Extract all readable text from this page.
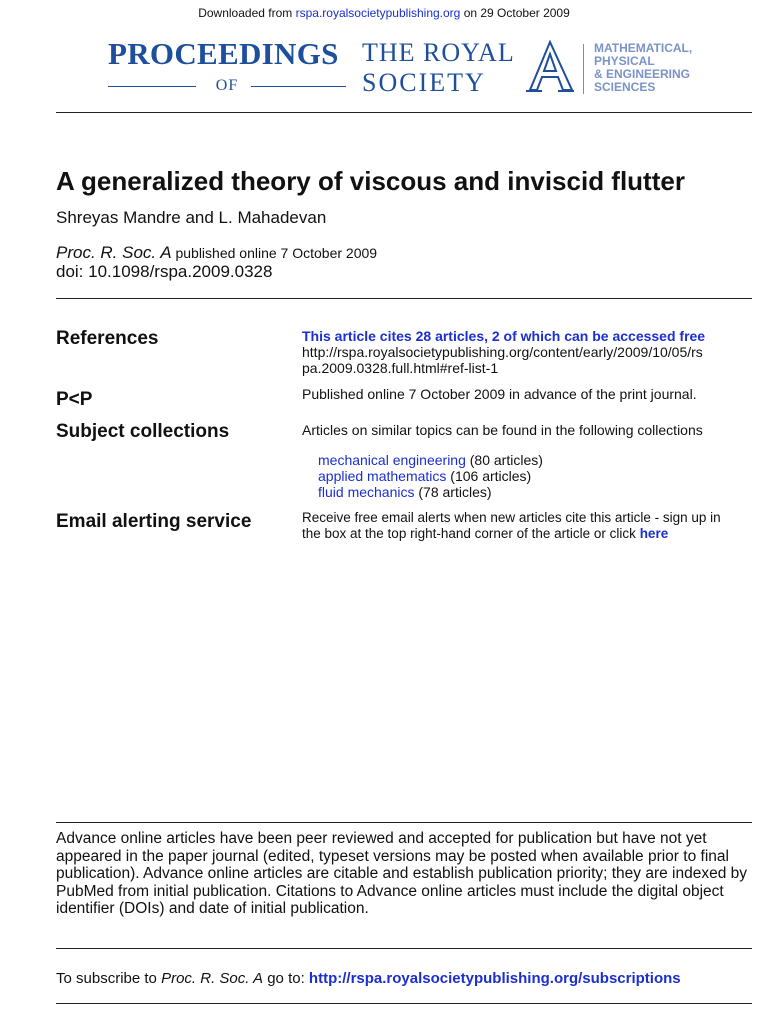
Downloaded from rspa.royalsocietypublishing.org on 29 October 2009
PROCEEDINGS
OF
THE ROYAL
SOCIETY
MATHEMATICAL,
PHYSICAL
& ENGINEERING
SCIENCES
A generalized theory of viscous and inviscid flutter
Shreyas Mandre and L. Mahadevan
Proc. R. Soc. A published online 7 October 2009
doi: 10.1098/rspa.2009.0328
References	This article cites 28 articles, 2 of which can be accessed free
http://rspa.royalsocietypublishing.org/content/early/2009/10/05/rs
pa.2009.0328.full.html#ref-list-1
P<P	Published online 7 October 2009 in advance of the print journal.
Subject collections	Articles on similar topics can be found in the following collections
mechanical engineering (80 articles)
applied mathematics (106 articles)
fluid mechanics (78 articles)
Email alerting service	Receive free email alerts when new articles cite this article - sign up in
the box at the top right-hand corner of the article or click here
Advance online articles have been peer reviewed and accepted for publication but have not yet appeared in the paper journal (edited, typeset versions may be posted when available prior to final publication). Advance online articles are citable and establish publication priority; they are indexed by PubMed from initial publication. Citations to Advance online articles must include the digital object identifier (DOIs) and date of initial publication.
To subscribe to Proc. R. Soc. A go to: http://rspa.royalsocietypublishing.org/subscriptions
